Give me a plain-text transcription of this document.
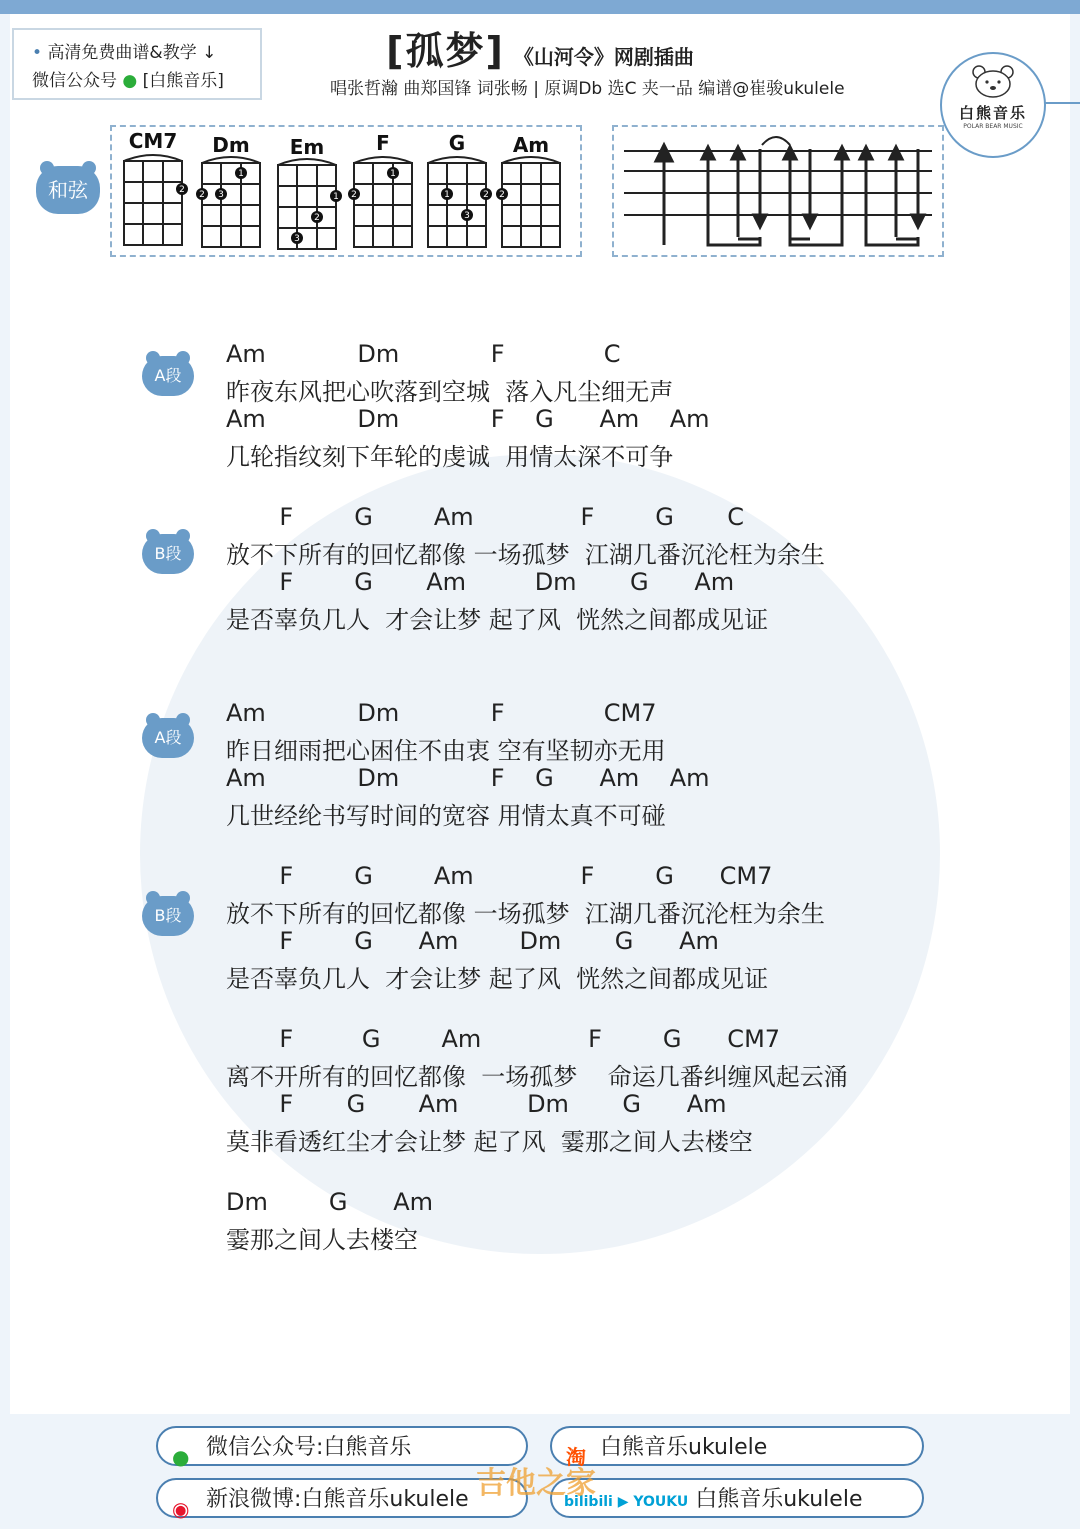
• 高清免费曲谱&教学 ↓
微信公众号 ● [白熊音乐]
[孤梦] 《山河令》网剧插曲
唱张哲瀚 曲郑国锋 词张畅 | 原调Db 选C 夹一品 编谱@崔骏ukulele
白熊音乐
POLAR BEAR MUSIC
和弦	2 2 3
1
1
2
3
2
1
1	2
3
2
CM7	Dm	Em	F	G	Am
A段
B段
A段
B段
Am            Dm            F             C
昨夜东风把心吹落到空城  落入凡尘细无声
Am            Dm            F    G      Am    Am
几轮指纹刻下年轮的虔诚  用情太深不可争
F        G        Am              F        G       C
放不下所有的回忆都像 一场孤梦  江湖几番沉沦枉为余生
F        G       Am         Dm       G      Am
是否辜负几人  才会让梦 起了风  恍然之间都成见证
Am            Dm            F             CM7
昨日细雨把心困住不由衷 空有坚韧亦无用
Am            Dm            F    G      Am    Am
几世经纶书写时间的宽容 用情太真不可碰
F        G        Am              F        G      CM7
放不下所有的回忆都像 一场孤梦  江湖几番沉沦枉为余生
F        G      Am        Dm       G      Am
是否辜负几人  才会让梦 起了风  恍然之间都成见证
F         G        Am              F        G      CM7
离不开所有的回忆都像  一场孤梦    命运几番纠缠风起云涌
F       G       Am         Dm       G      Am
莫非看透红尘才会让梦 起了风  霎那之间人去楼空
Dm        G      Am
霎那之间人去楼空
● 微信公众号:白熊音乐	淘 白熊音乐ukulele
◉ 新浪微博:白熊音乐ukulele	bilibili ▶ YOUKU 白熊音乐ukulele
吉他之家
